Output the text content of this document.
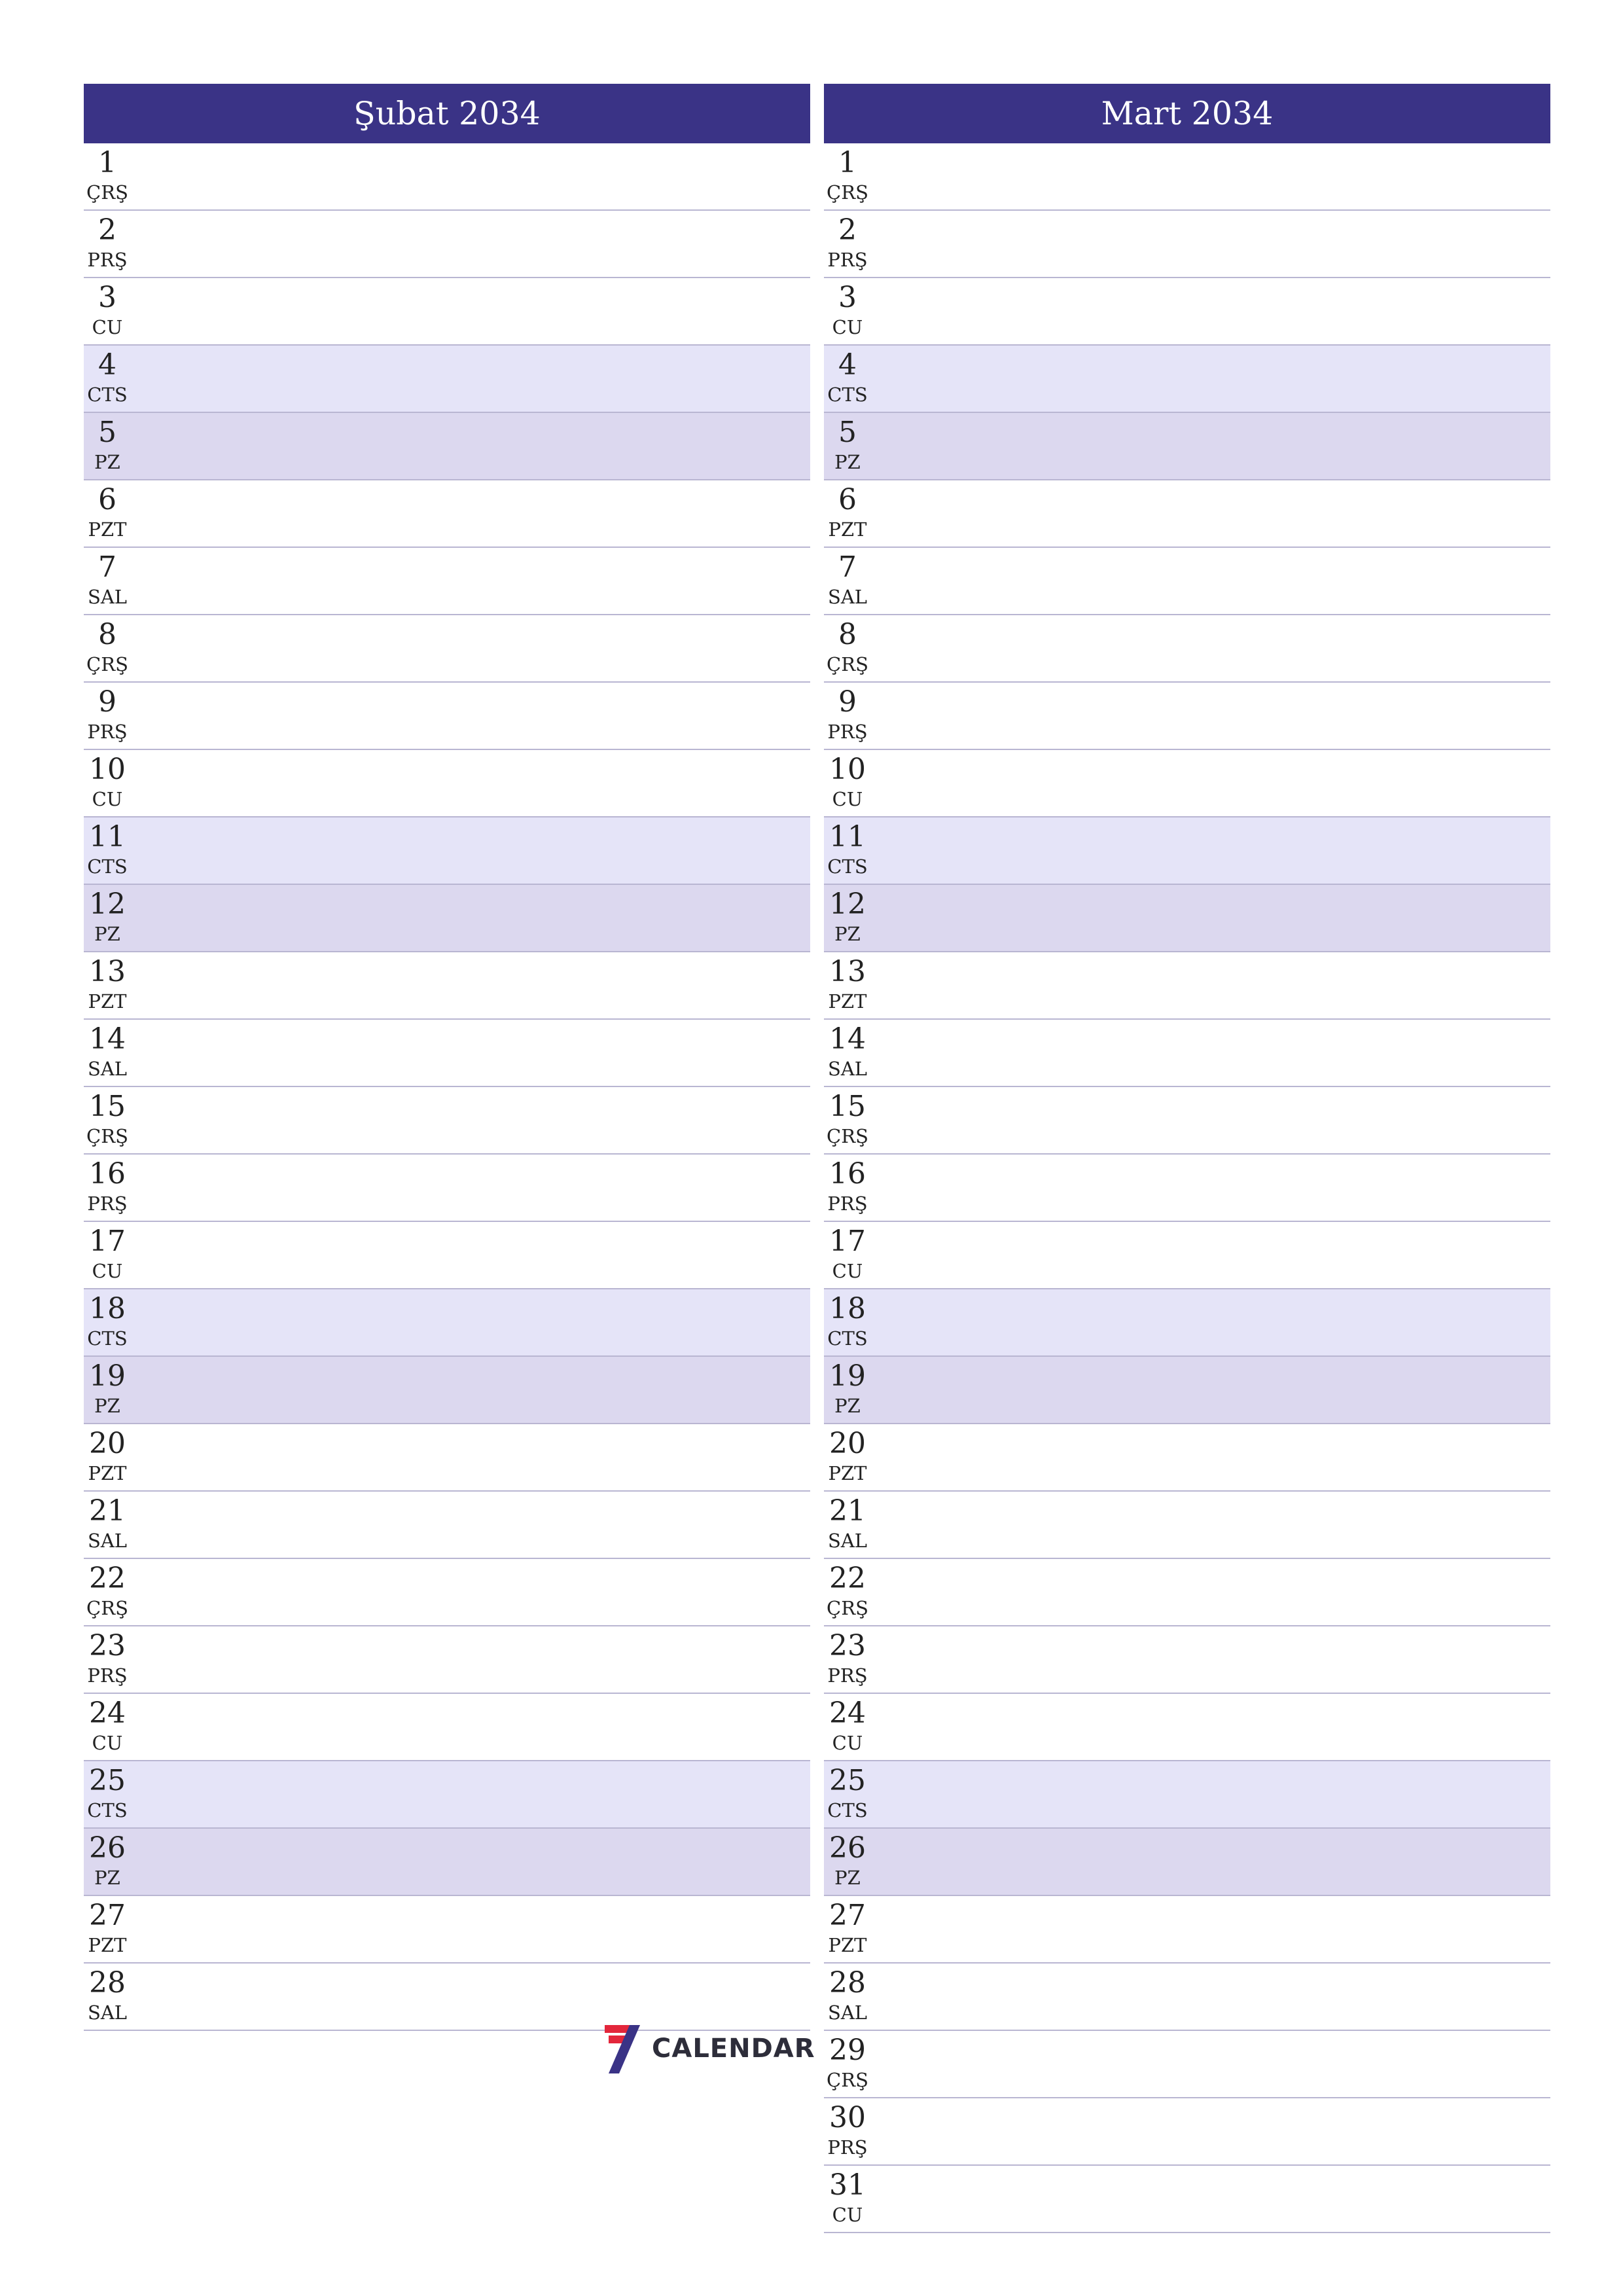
Şubat 2034
1
ÇRŞ
2
PRŞ
3
CU
4
CTS
5
PZ
6
PZT
7
SAL
8
ÇRŞ
9
PRŞ
10
CU
11
CTS
12
PZ
13
PZT
14
SAL
15
ÇRŞ
16
PRŞ
17
CU
18
CTS
19
PZ
20
PZT
21
SAL
22
ÇRŞ
23
PRŞ
24
CU
25
CTS
26
PZ
27
PZT
28
SAL
Mart 2034
1
ÇRŞ
2
PRŞ
3
CU
4
CTS
5
PZ
6
PZT
7
SAL
8
ÇRŞ
9
PRŞ
10
CU
11
CTS
12
PZ
13
PZT
14
SAL
15
ÇRŞ
16
PRŞ
17
CU
18
CTS
19
PZ
20
PZT
21
SAL
22
ÇRŞ
23
PRŞ
24
CU
25
CTS
26
PZ
27
PZT
28
SAL
29
ÇRŞ
30
PRŞ
31
CU
CALENDAR
